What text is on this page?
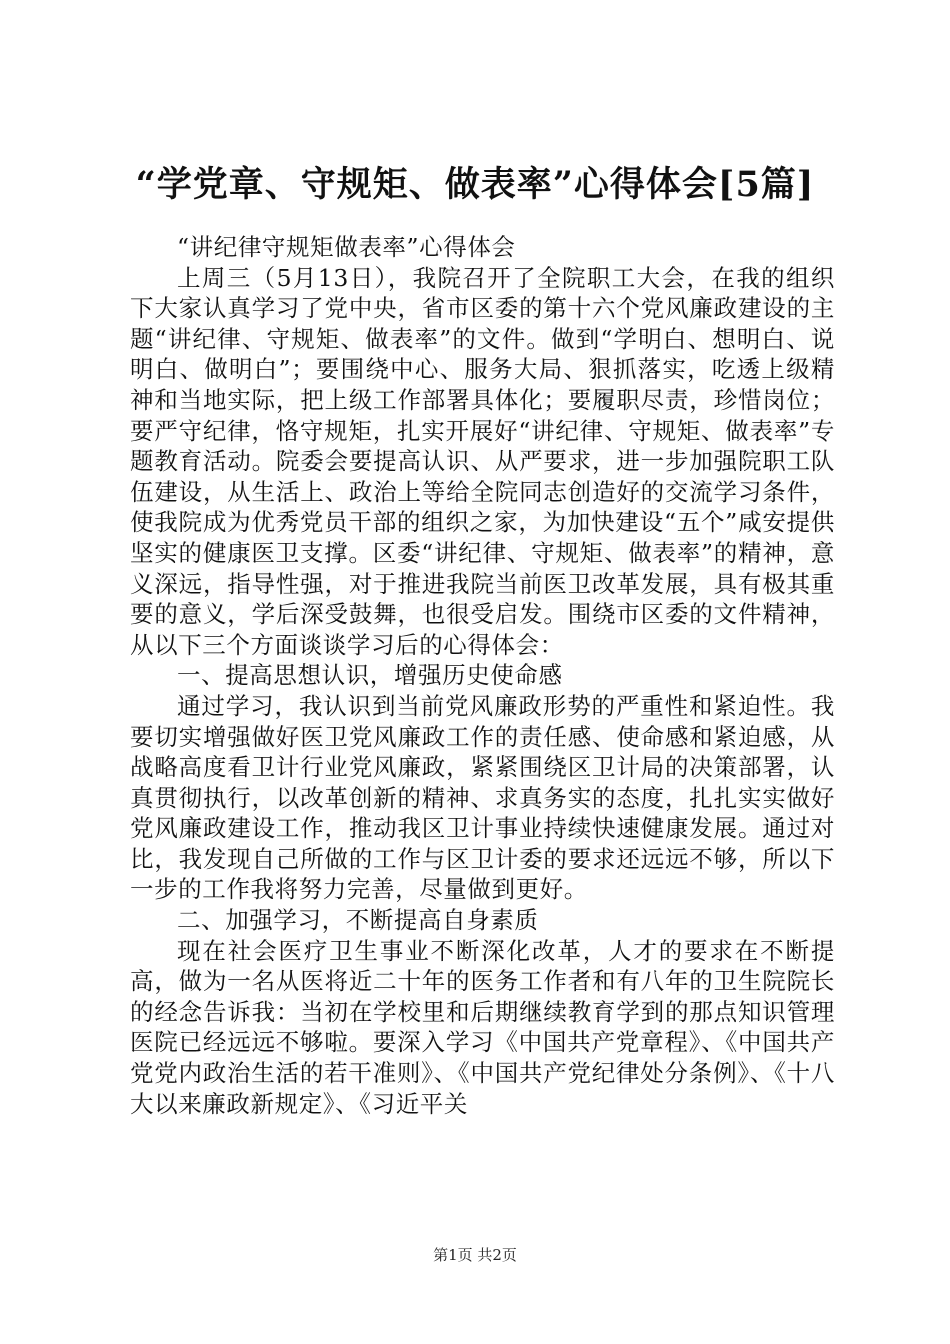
“学党章、守规矩、做表率”心得体会[5篇]

“讲纪律守规矩做表率”心得体会

上周三（5月13日），我院召开了全院职工大会，在我的组织下大家认真学习了党中央，省市区委的第十六个党风廉政建设的主题“讲纪律、守规矩、做表率”的文件。做到“学明白、想明白、说明白、做明白”；要围绕中心、服务大局、狠抓落实，吃透上级精神和当地实际，把上级工作部署具体化；要履职尽责，珍惜岗位；要严守纪律，恪守规矩，扎实开展好“讲纪律、守规矩、做表率”专题教育活动。院委会要提高认识、从严要求，进一步加强院职工队伍建设，从生活上、政治上等给全院同志创造好的交流学习条件，使我院成为优秀党员干部的组织之家，为加快建设“五个”咸安提供坚实的健康医卫支撑。区委“讲纪律、守规矩、做表率”的精神，意义深远，指导性强，对于推进我院当前医卫改革发展，具有极其重要的意义，学后深受鼓舞，也很受启发。围绕市区委的文件精神，从以下三个方面谈谈学习后的心得体会：

一、提高思想认识，增强历史使命感

通过学习，我认识到当前党风廉政形势的严重性和紧迫性。我要切实增强做好医卫党风廉政工作的责任感、使命感和紧迫感，从战略高度看卫计行业党风廉政，紧紧围绕区卫计局的决策部署，认真贯彻执行，以改革创新的精神、求真务实的态度，扎扎实实做好党风廉政建设工作，推动我区卫计事业持续快速健康发展。通过对比，我发现自己所做的工作与区卫计委的要求还远远不够，所以下一步的工作我将努力完善，尽量做到更好。

二、加强学习，不断提高自身素质

现在社会医疗卫生事业不断深化改革，人才的要求在不断提高，做为一名从医将近二十年的医务工作者和有八年的卫生院院长的经念告诉我：当初在学校里和后期继续教育学到的那点知识管理医院已经远远不够啦。要深入学习《中国共产党章程》、《中国共产党党内政治生活的若干准则》、《中国共产党纪律处分条例》、《十八大以来廉政新规定》、《习近平关

第1页 共2页
